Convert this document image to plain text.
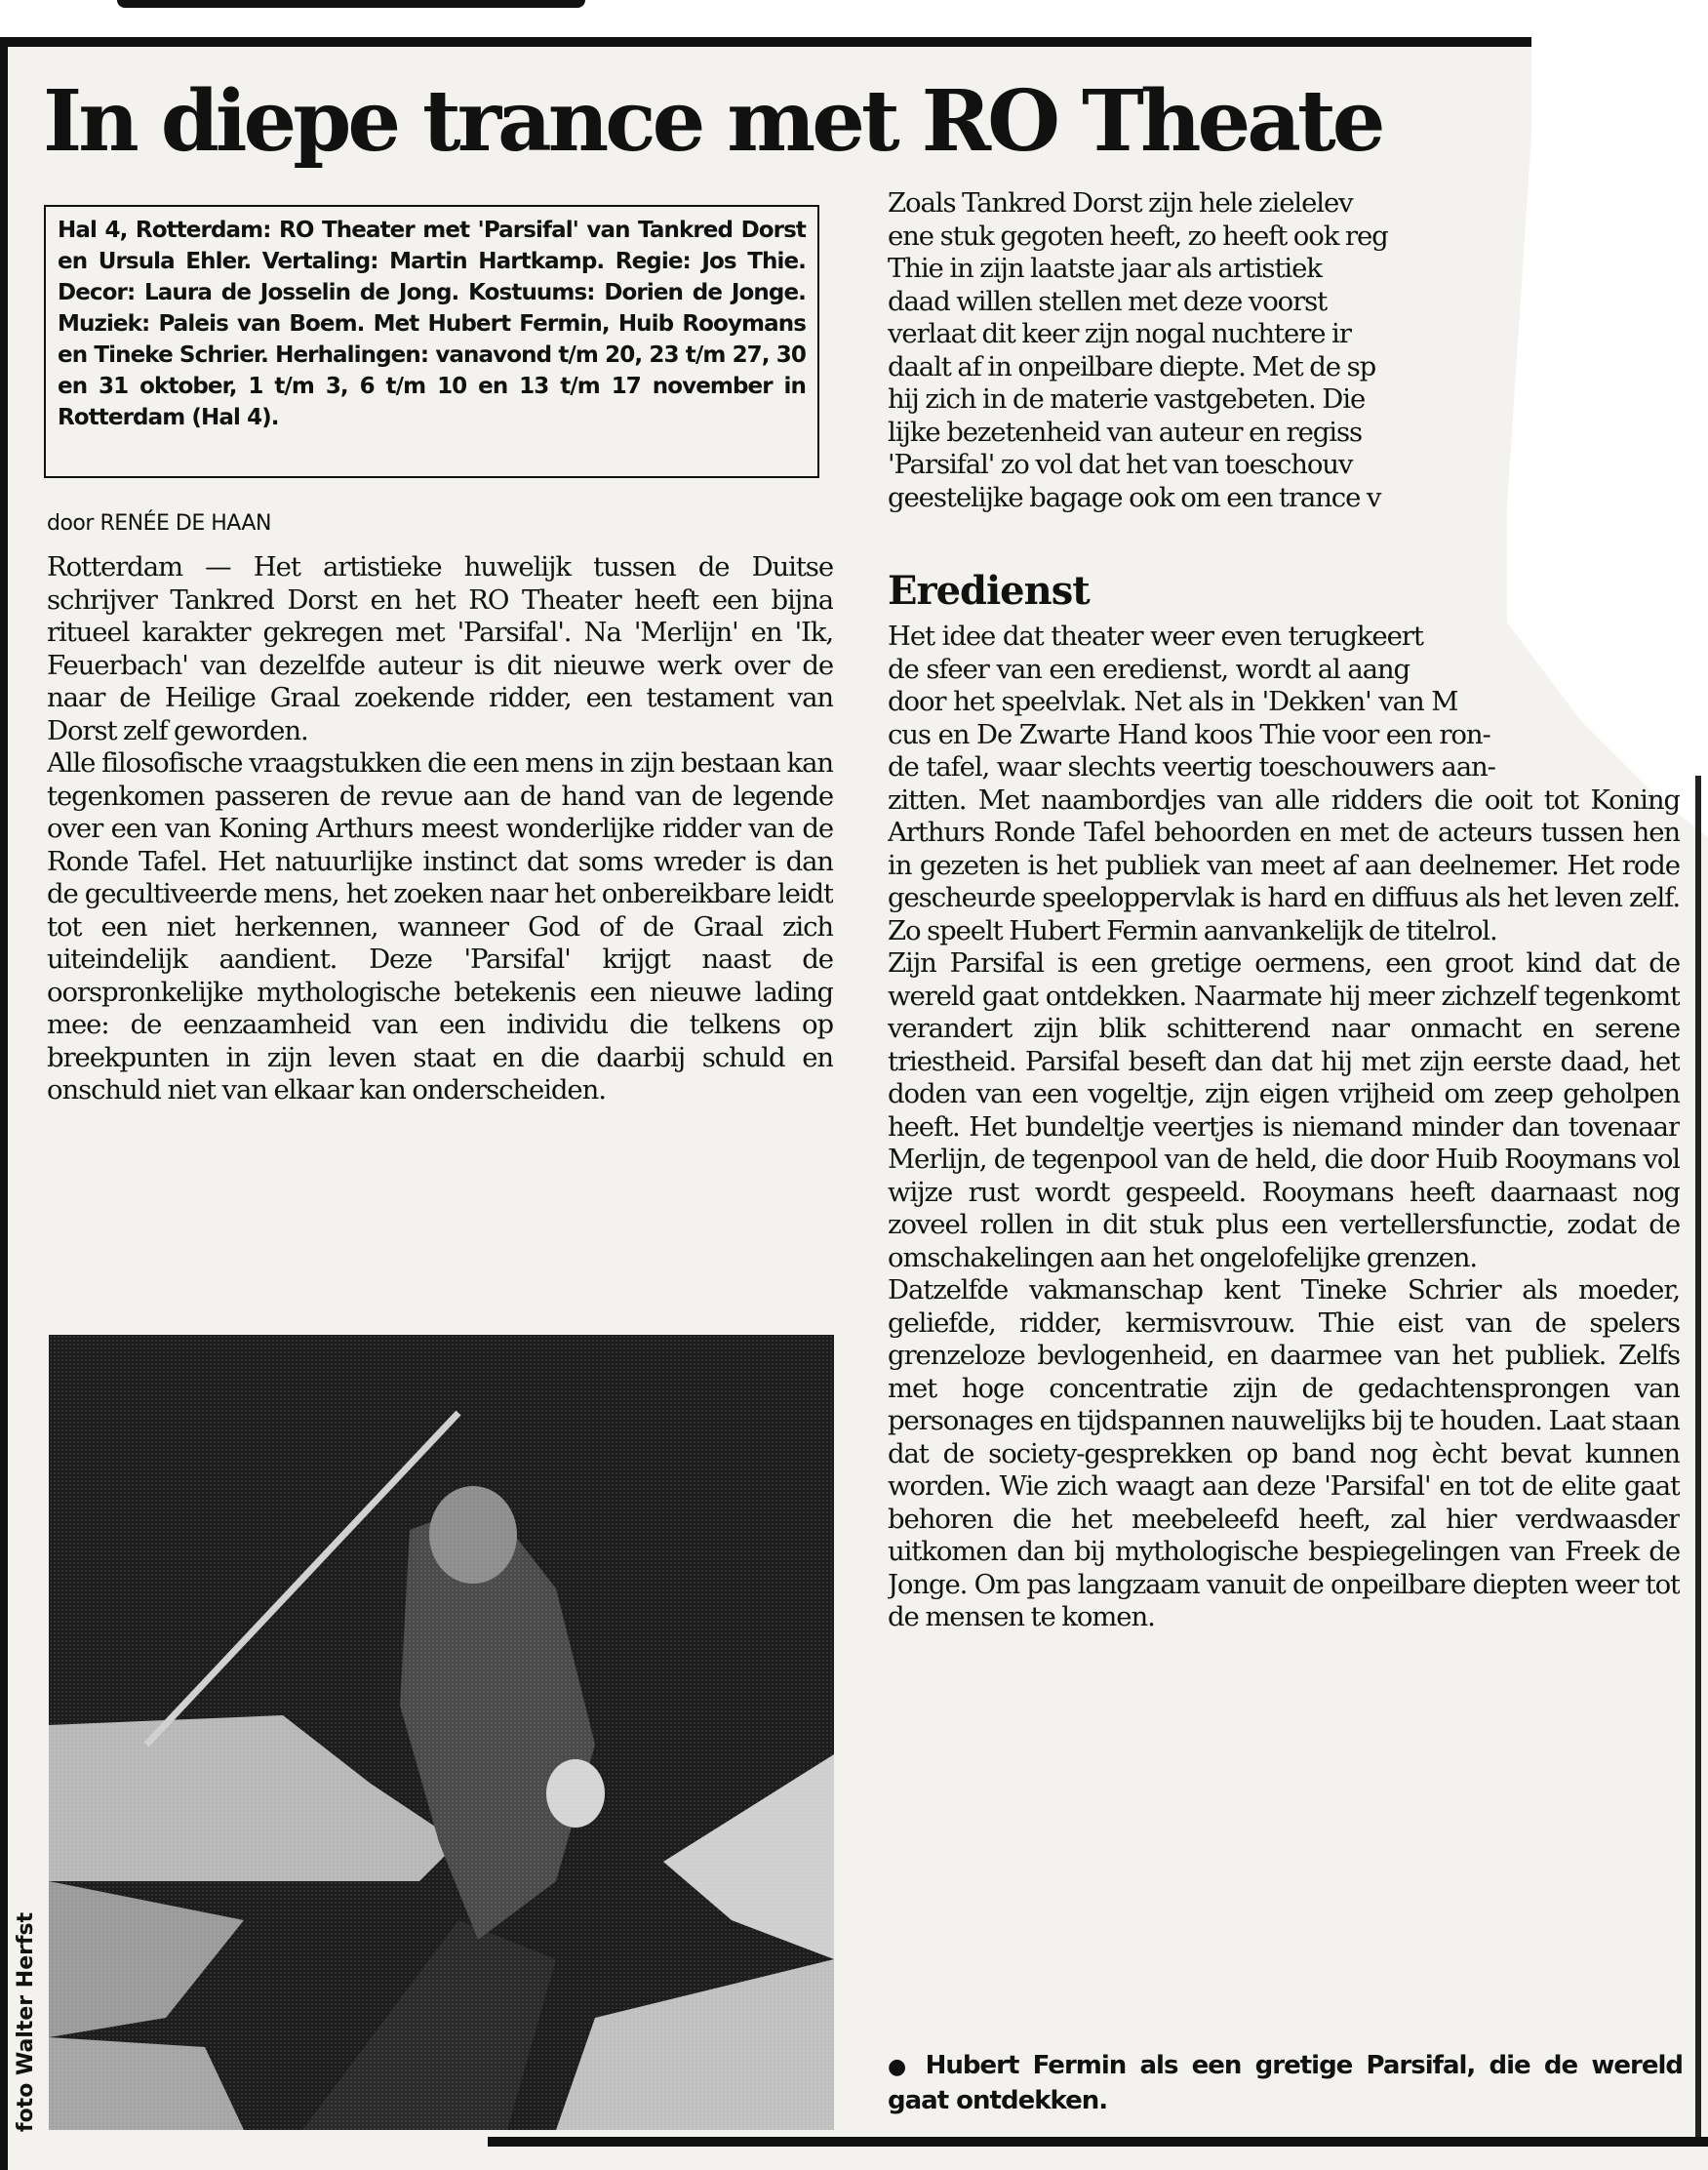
In diepe trance met RO Theate
Hal 4, Rotterdam: RO Theater met 'Parsifal' van Tankred Dorst en Ursula Ehler. Vertaling: Martin Hartkamp. Regie: Jos Thie. Decor: Laura de Josselin de Jong. Kostuums: Dorien de Jonge. Muziek: Paleis van Boem. Met Hubert Fermin, Huib Rooymans en Tineke Schrier. Herhalingen: vanavond t/m 20, 23 t/m 27, 30 en 31 oktober, 1 t/m 3, 6 t/m 10 en 13 t/m 17 november in Rotterdam (Hal 4).
door RENÉE DE HAAN

Rotterdam — Het artistieke huwelijk tussen de Duitse schrijver Tankred Dorst en het RO Theater heeft een bijna ritueel karakter gekregen met 'Parsifal'. Na 'Merlijn' en 'Ik, Feuerbach' van dezelfde auteur is dit nieuwe werk over de naar de Heilige Graal zoekende ridder, een testament van Dorst zelf geworden.

Alle filosofische vraagstukken die een mens in zijn bestaan kan tegenkomen passeren de revue aan de hand van de legende over een van Koning Arthurs meest wonderlijke ridder van de Ronde Tafel. Het natuurlijke instinct dat soms wreder is dan de gecultiveerde mens, het zoeken naar het onbereikbare leidt tot een niet herkennen, wanneer God of de Graal zich uiteindelijk aandient. Deze 'Parsifal' krijgt naast de oorspronkelijke mythologische betekenis een nieuwe lading mee: de eenzaamheid van een individu die telkens op breekpunten in zijn leven staat en die daarbij schuld en onschuld niet van elkaar kan onderscheiden.

Zoals Tankred Dorst zijn hele zielelev
ene stuk gegoten heeft, zo heeft ook reg
Thie in zijn laatste jaar als artistiek
daad willen stellen met deze voorst
verlaat dit keer zijn nogal nuchtere ir
daalt af in onpeilbare diepte. Met de sp
hij zich in de materie vastgebeten. Die
lijke bezetenheid van auteur en regiss
'Parsifal' zo vol dat het van toeschouv
geestelijke bagage ook om een trance v
Eredienst
Het idee dat theater weer even terugkeert
de sfeer van een eredienst, wordt al aang
door het speelvlak. Net als in 'Dekken' van M
cus en De Zwarte Hand koos Thie voor een ron-
de tafel, waar slechts veertig toeschouwers aan-

zitten. Met naambordjes van alle ridders die ooit tot Koning Arthurs Ronde Tafel behoorden en met de acteurs tussen hen in gezeten is het publiek van meet af aan deelnemer. Het rode gescheurde speeloppervlak is hard en diffuus als het leven zelf. Zo speelt Hubert Fermin aanvankelijk de titelrol.

Zijn Parsifal is een gretige oermens, een groot kind dat de wereld gaat ontdekken. Naarmate hij meer zichzelf tegenkomt verandert zijn blik schitterend naar onmacht en serene triestheid. Parsifal beseft dan dat hij met zijn eerste daad, het doden van een vogeltje, zijn eigen vrijheid om zeep geholpen heeft. Het bundeltje veertjes is niemand minder dan tovenaar Merlijn, de tegenpool van de held, die door Huib Rooymans vol wijze rust wordt gespeeld. Rooymans heeft daarnaast nog zoveel rollen in dit stuk plus een vertellersfunctie, zodat de omschakelingen aan het ongelofelijke grenzen.

Datzelfde vakmanschap kent Tineke Schrier als moeder, geliefde, ridder, kermisvrouw. Thie eist van de spelers grenzeloze bevlogenheid, en daarmee van het publiek. Zelfs met hoge concentratie zijn de gedachtensprongen van personages en tijdspannen nauwelijks bij te houden. Laat staan dat de society-gesprekken op band nog ècht bevat kunnen worden. Wie zich waagt aan deze 'Parsifal' en tot de elite gaat behoren die het meebeleefd heeft, zal hier verdwaasder uitkomen dan bij mythologische bespiegelingen van Freek de Jonge. Om pas langzaam vanuit de onpeilbare diepten weer tot de mensen te komen.

foto Walter Herfst	● Hubert Fermin als een gretige Parsifal, die de wereld gaat ontdekken.
